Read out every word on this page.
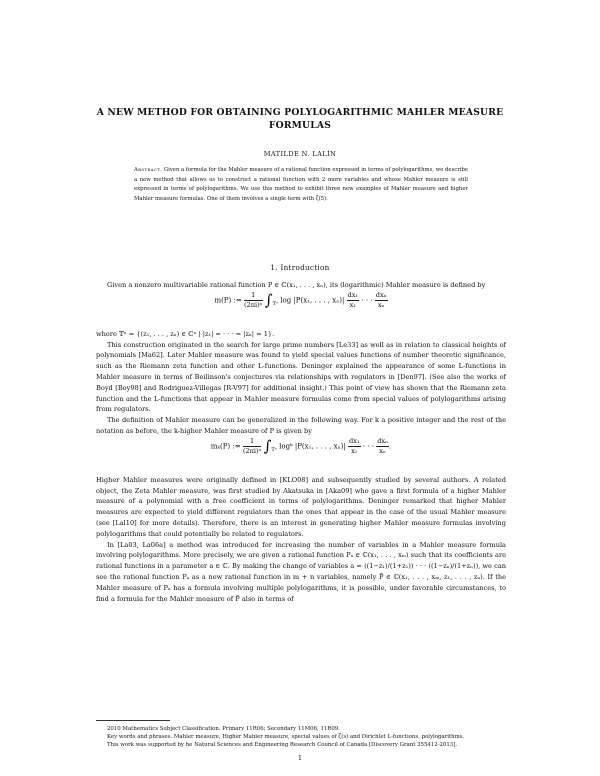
A NEW METHOD FOR OBTAINING POLYLOGARITHMIC MAHLER MEASURE
FORMULAS
MATILDE N. LALÍN
Abstract. Given a formula for the Mahler measure of a rational function expressed in terms of polylogarithms, we describe a new method that allows us to construct a rational function with 2 more variables and whose Mahler measure is still expressed in terms of polylogarithms. We use this method to exhibit three new examples of Mahler measure and higher Mahler measure formulas. One of them involves a single term with ζ(5).
1. Introduction

Given a nonzero multivariable rational function P ∈ ℂ(x₁, . . . , xₙ), its (logarithmic) Mahler measure is defined by

m(P) := $\frac{1}{\text{(2πi)ⁿ}} \int_{𝕋^n}$ log |P(x₁, . . . , $x_n)| \frac{\text{dx₁}}{\text{x₁}}$ · · · $\frac{\text{dxₙ}}{\text{xₙ}}$

where 𝕋ⁿ = {(z₁, . . . , zₙ) ∈ ℂⁿ | |z₁| = · · · = |zₙ| = 1}.

This construction originated in the search for large prime numbers [Le33] as well as in relation to classical heights of polynomials [Ma62]. Later Mahler measure was found to yield special values functions of number theoretic significance, such as the Riemann zeta function and other L-functions. Deninger explained the appearance of some L-functions in Mahler measure in terms of Beilinson's conjectures via relationships with regulators in [Den97]. (See also the works of Boyd [Boy98] and Rodriguez-Villegas [R-V97] for additional insight.) This point of view has shown that the Riemann zeta function and the L-functions that appear in Mahler measure formulas come from special values of polylogarithms arising from regulators.

The definition of Mahler measure can be generalized in the following way. For k a positive integer and the rest of the notation as before, the k-higher Mahler measure of P is given by

mₖ(P) := $\frac{1}{\text{(2πi)ⁿ}} \int_{𝕋^n}$ logᵏ |P(x₁, . . . , $x_n)| \frac{\text{dx₁}}{\text{x₁}}$ · · · $\frac{\text{dxₙ}}{\text{xₙ}}$ .

Higher Mahler measures were originally defined in [KLO08] and subsequently studied by several authors. A related object, the Zeta Mahler measure, was first studied by Akatsuka in [Aka09] who gave a first formula of a higher Mahler measure of a polynomial with a free coefficient in terms of polylogarithms. Deninger remarked that higher Mahler measures are expected to yield different regulators than the ones that appear in the case of the usual Mahler measure (see [Lal10] for more details). Therefore, there is an interest in generating higher Mahler measure formulas involving polylogarithms that could potentially be related to regulators.

In [La03, La06a] a method was introduced for increasing the number of variables in a Mahler measure formula involving polylogarithms. More precisely, we are given a rational function Pₐ ∈ ℂ(x₁, . . . , xₘ) such that its coefficients are rational functions in a parameter a ∈ ℂ. By making the change of variables a = ((1−z₁)/(1+z₁)) · · · ((1−zₙ)/(1+zₙ)), we can see the rational function Pₐ as a new rational function in m + n variables, namely P̃ ∈ ℂ(x₁, . . . , xₘ, z₁, . . . , zₙ). If the Mahler measure of Pₐ has a formula involving multiple polylogarithms, it is possible, under favorable circumstances, to find a formula for the Mahler measure of P̃ also in terms of

2010 Mathematics Subject Classification. Primary 11R06; Secondary 11M06, 11R09.
Key words and phrases. Mahler measure, Higher Mahler measure, special values of ζ(s) and Dirichlet L-functions, polylogarithms.
This work was supported by he Natural Sciences and Engineering Research Council of Canada [Discovery Grant 355412-2013].
1
